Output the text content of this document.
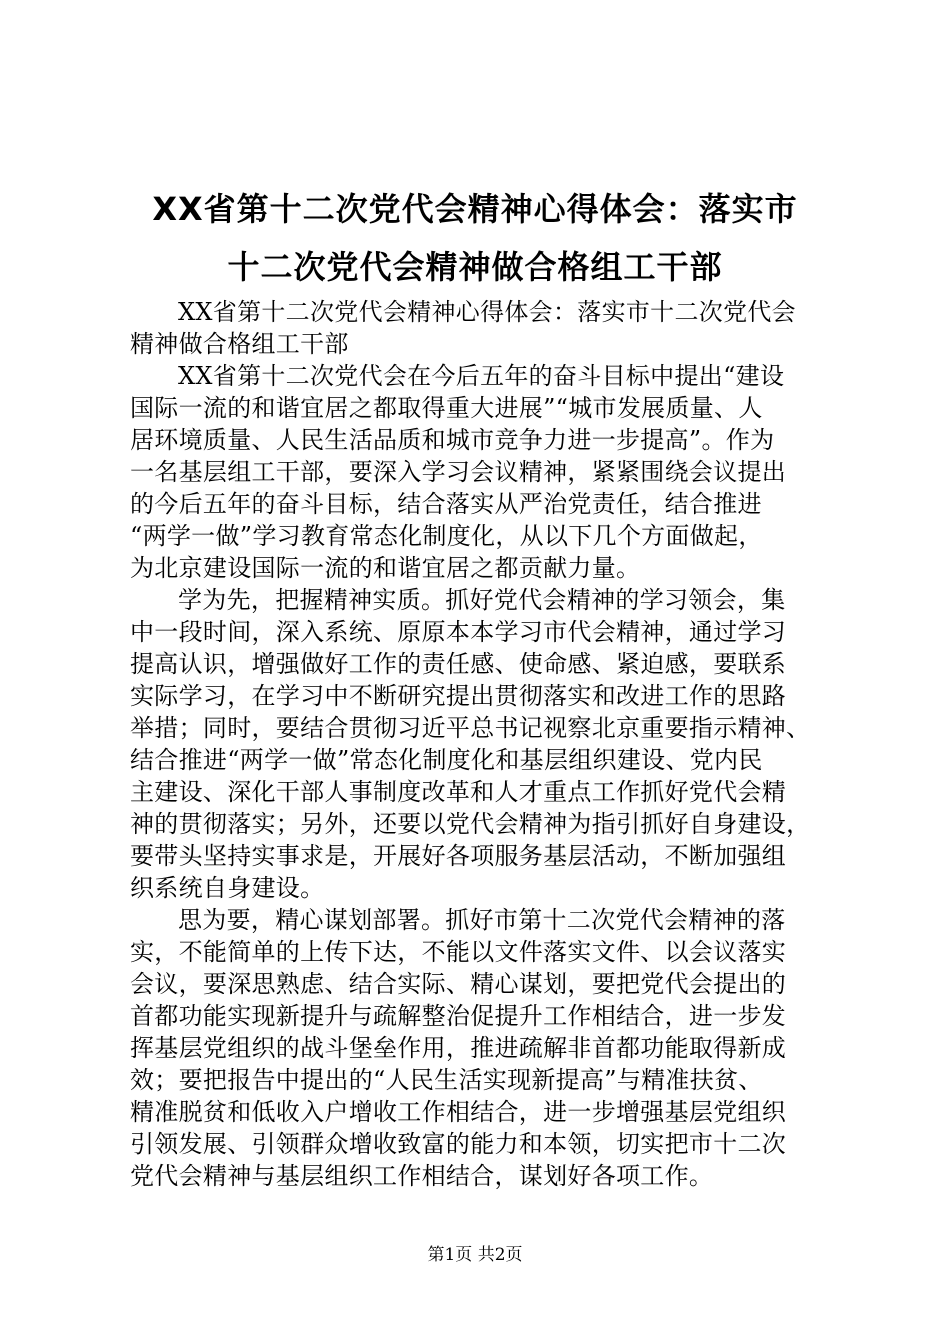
XX省第十二次党代会精神心得体会：落实市
十二次党代会精神做合格组工干部

XX省第十二次党代会精神心得体会：落实市十二次党代会
精神做合格组工干部

XX省第十二次党代会在今后五年的奋斗目标中提出“建设
国际一流的和谐宜居之都取得重大进展”“城市发展质量、人
居环境质量、人民生活品质和城市竞争力进一步提高”。作为
一名基层组工干部，要深入学习会议精神，紧紧围绕会议提出
的今后五年的奋斗目标，结合落实从严治党责任，结合推进
“两学一做”学习教育常态化制度化，从以下几个方面做起，
为北京建设国际一流的和谐宜居之都贡献力量。

学为先，把握精神实质。抓好党代会精神的学习领会，集
中一段时间，深入系统、原原本本学习市代会精神，通过学习
提高认识，增强做好工作的责任感、使命感、紧迫感，要联系
实际学习，在学习中不断研究提出贯彻落实和改进工作的思路
举措；同时，要结合贯彻习近平总书记视察北京重要指示精神、
结合推进“两学一做”常态化制度化和基层组织建设、党内民
主建设、深化干部人事制度改革和人才重点工作抓好党代会精
神的贯彻落实；另外，还要以党代会精神为指引抓好自身建设，
要带头坚持实事求是，开展好各项服务基层活动，不断加强组
织系统自身建设。

思为要，精心谋划部署。抓好市第十二次党代会精神的落
实，不能简单的上传下达，不能以文件落实文件、以会议落实
会议，要深思熟虑、结合实际、精心谋划，要把党代会提出的
首都功能实现新提升与疏解整治促提升工作相结合，进一步发
挥基层党组织的战斗堡垒作用，推进疏解非首都功能取得新成
效；要把报告中提出的“人民生活实现新提高”与精准扶贫、
精准脱贫和低收入户增收工作相结合，进一步增强基层党组织
引领发展、引领群众增收致富的能力和本领，切实把市十二次
党代会精神与基层组织工作相结合，谋划好各项工作。

第1页 共2页
